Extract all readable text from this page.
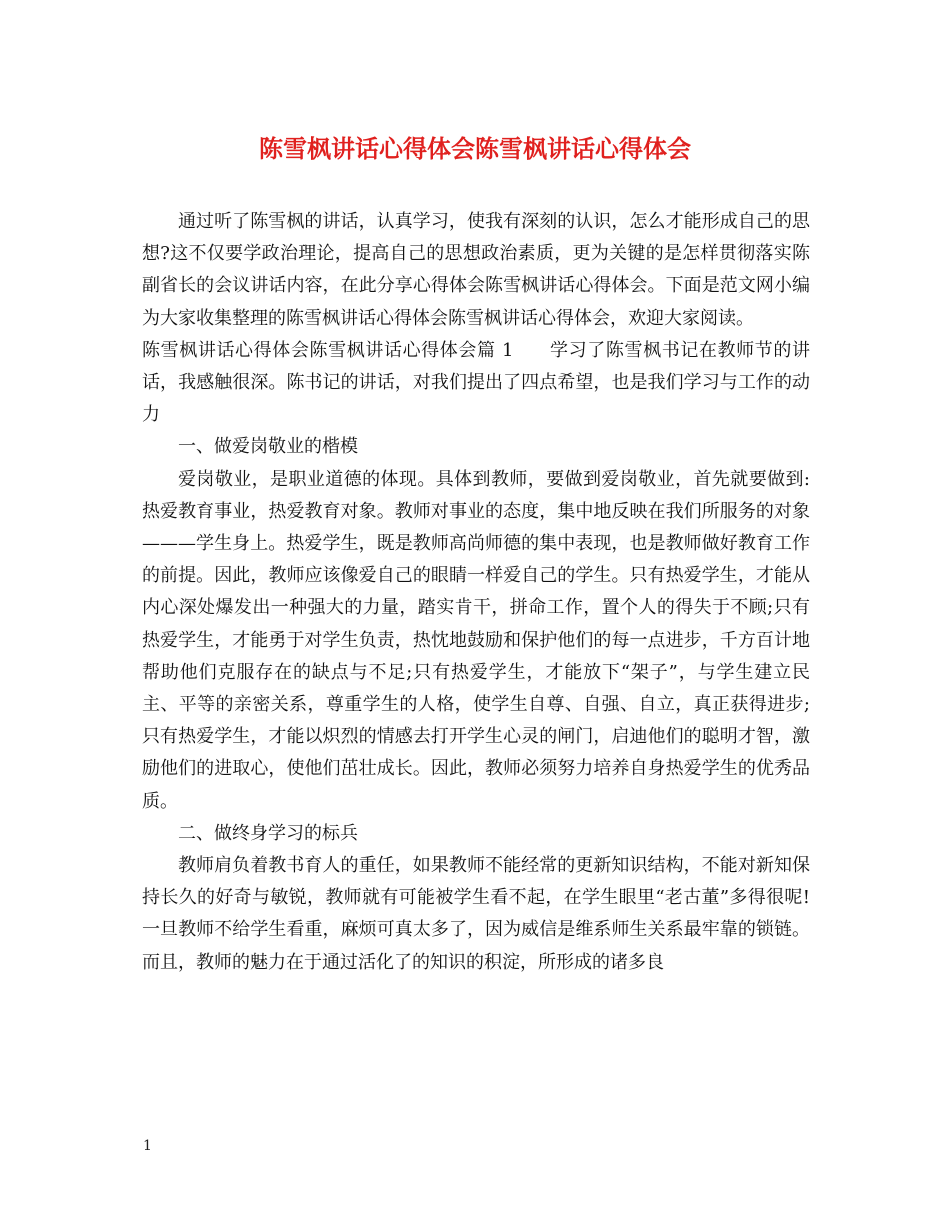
陈雪枫讲话心得体会陈雪枫讲话心得体会

通过听了陈雪枫的讲话，认真学习，使我有深刻的认识，怎么才能形成自己的思想?这不仅要学政治理论，提高自己的思想政治素质，更为关键的是怎样贯彻落实陈副省长的会议讲话内容，在此分享心得体会陈雪枫讲话心得体会。下面是范文网小编为大家收集整理的陈雪枫讲话心得体会陈雪枫讲话心得体会，欢迎大家阅读。

陈雪枫讲话心得体会陈雪枫讲话心得体会篇 1 学习了陈雪枫书记在教师节的讲话，我感触很深。陈书记的讲话，对我们提出了四点希望，也是我们学习与工作的动力

一、做爱岗敬业的楷模

爱岗敬业，是职业道德的体现。具体到教师，要做到爱岗敬业，首先就要做到:热爱教育事业，热爱教育对象。教师对事业的态度，集中地反映在我们所服务的对象———学生身上。热爱学生，既是教师高尚师德的集中表现，也是教师做好教育工作的前提。因此，教师应该像爱自己的眼睛一样爱自己的学生。只有热爱学生，才能从内心深处爆发出一种强大的力量，踏实肯干，拼命工作，置个人的得失于不顾;只有热爱学生，才能勇于对学生负责，热忱地鼓励和保护他们的每一点进步，千方百计地帮助他们克服存在的缺点与不足;只有热爱学生，才能放下“架子”，与学生建立民主、平等的亲密关系，尊重学生的人格，使学生自尊、自强、自立，真正获得进步;只有热爱学生，才能以炽烈的情感去打开学生心灵的闸门，启迪他们的聪明才智，激励他们的进取心，使他们茁壮成长。因此，教师必须努力培养自身热爱学生的优秀品质。

二、做终身学习的标兵

教师肩负着教书育人的重任，如果教师不能经常的更新知识结构，不能对新知保持长久的好奇与敏锐，教师就有可能被学生看不起，在学生眼里“老古董”多得很呢!一旦教师不给学生看重，麻烦可真太多了，因为威信是维系师生关系最牢靠的锁链。而且，教师的魅力在于通过活化了的知识的积淀，所形成的诸多良

1
